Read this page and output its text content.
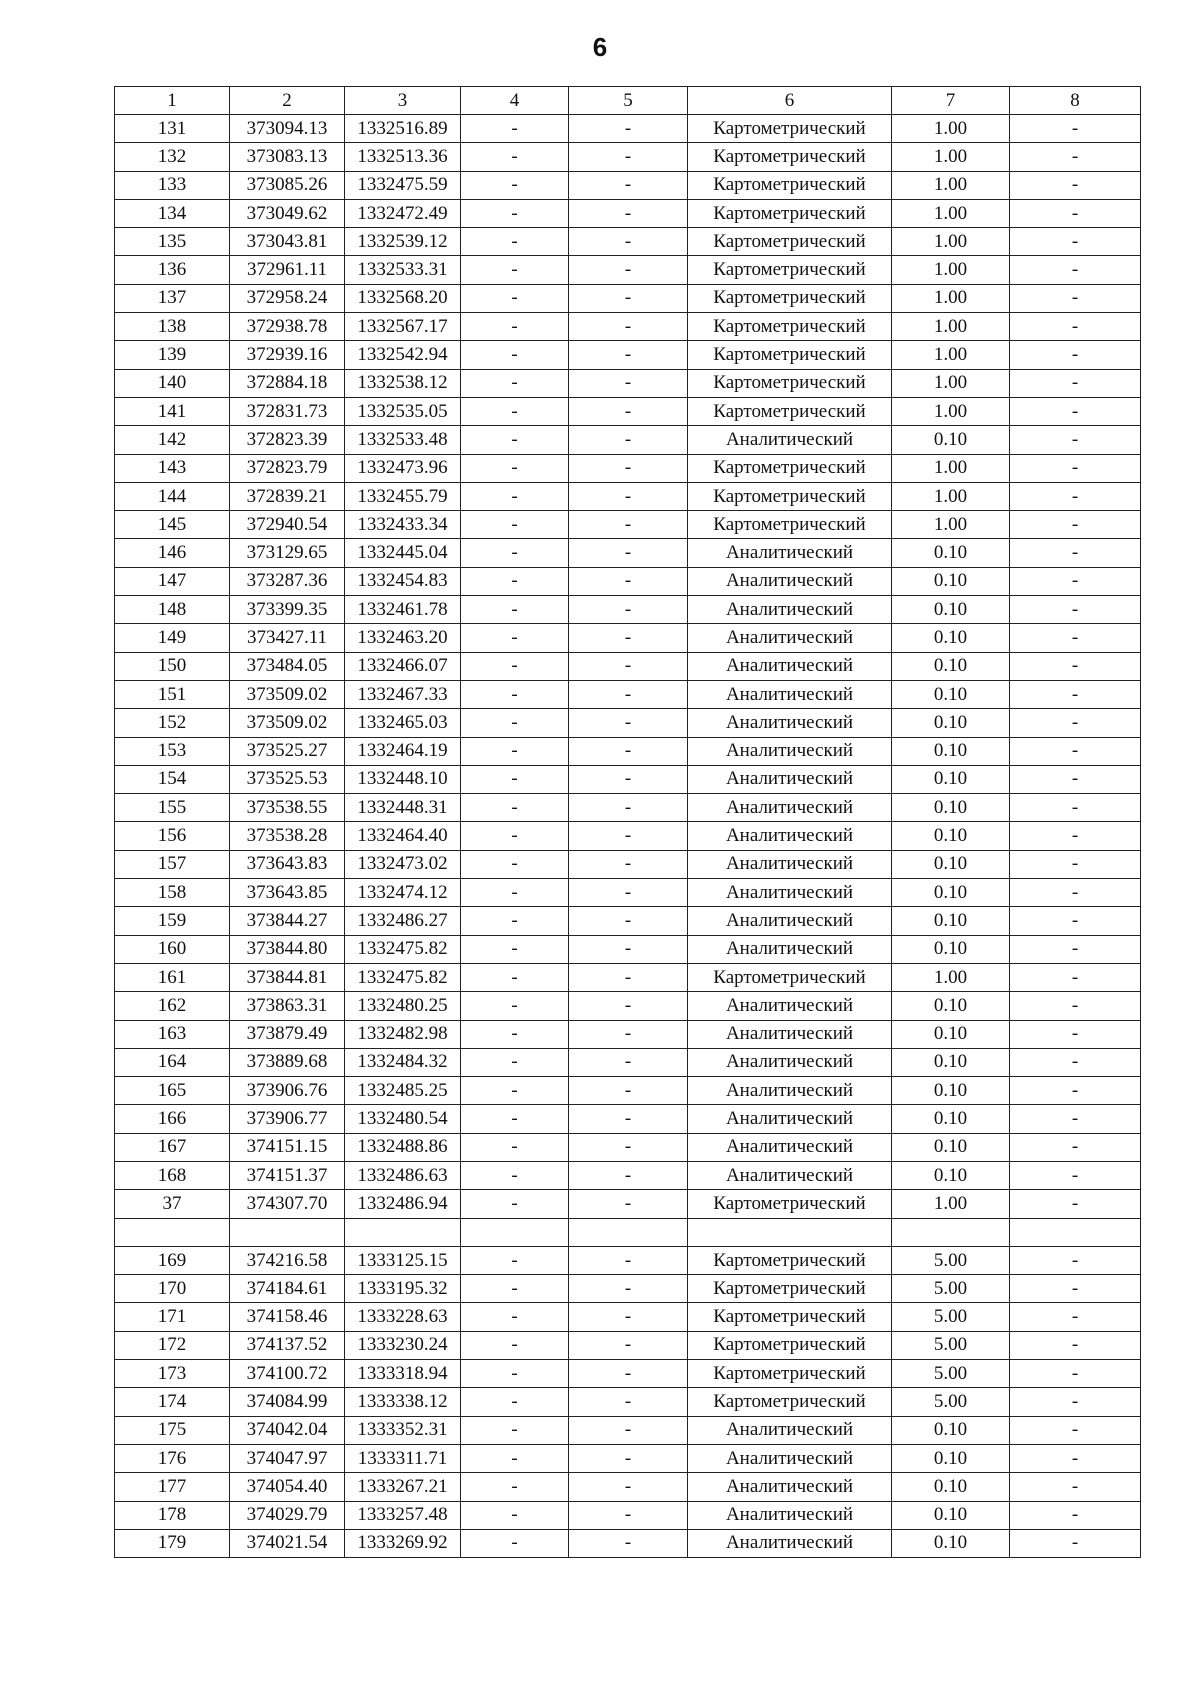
6
1	2	3	4	5	6	7	8
131	373094.13	1332516.89	-	-	Картометрический	1.00	-
132	373083.13	1332513.36	-	-	Картометрический	1.00	-
133	373085.26	1332475.59	-	-	Картометрический	1.00	-
134	373049.62	1332472.49	-	-	Картометрический	1.00	-
135	373043.81	1332539.12	-	-	Картометрический	1.00	-
136	372961.11	1332533.31	-	-	Картометрический	1.00	-
137	372958.24	1332568.20	-	-	Картометрический	1.00	-
138	372938.78	1332567.17	-	-	Картометрический	1.00	-
139	372939.16	1332542.94	-	-	Картометрический	1.00	-
140	372884.18	1332538.12	-	-	Картометрический	1.00	-
141	372831.73	1332535.05	-	-	Картометрический	1.00	-
142	372823.39	1332533.48	-	-	Аналитический	0.10	-
143	372823.79	1332473.96	-	-	Картометрический	1.00	-
144	372839.21	1332455.79	-	-	Картометрический	1.00	-
145	372940.54	1332433.34	-	-	Картометрический	1.00	-
146	373129.65	1332445.04	-	-	Аналитический	0.10	-
147	373287.36	1332454.83	-	-	Аналитический	0.10	-
148	373399.35	1332461.78	-	-	Аналитический	0.10	-
149	373427.11	1332463.20	-	-	Аналитический	0.10	-
150	373484.05	1332466.07	-	-	Аналитический	0.10	-
151	373509.02	1332467.33	-	-	Аналитический	0.10	-
152	373509.02	1332465.03	-	-	Аналитический	0.10	-
153	373525.27	1332464.19	-	-	Аналитический	0.10	-
154	373525.53	1332448.10	-	-	Аналитический	0.10	-
155	373538.55	1332448.31	-	-	Аналитический	0.10	-
156	373538.28	1332464.40	-	-	Аналитический	0.10	-
157	373643.83	1332473.02	-	-	Аналитический	0.10	-
158	373643.85	1332474.12	-	-	Аналитический	0.10	-
159	373844.27	1332486.27	-	-	Аналитический	0.10	-
160	373844.80	1332475.82	-	-	Аналитический	0.10	-
161	373844.81	1332475.82	-	-	Картометрический	1.00	-
162	373863.31	1332480.25	-	-	Аналитический	0.10	-
163	373879.49	1332482.98	-	-	Аналитический	0.10	-
164	373889.68	1332484.32	-	-	Аналитический	0.10	-
165	373906.76	1332485.25	-	-	Аналитический	0.10	-
166	373906.77	1332480.54	-	-	Аналитический	0.10	-
167	374151.15	1332488.86	-	-	Аналитический	0.10	-
168	374151.37	1332486.63	-	-	Аналитический	0.10	-
37	374307.70	1332486.94	-	-	Картометрический	1.00	-

169	374216.58	1333125.15	-	-	Картометрический	5.00	-
170	374184.61	1333195.32	-	-	Картометрический	5.00	-
171	374158.46	1333228.63	-	-	Картометрический	5.00	-
172	374137.52	1333230.24	-	-	Картометрический	5.00	-
173	374100.72	1333318.94	-	-	Картометрический	5.00	-
174	374084.99	1333338.12	-	-	Картометрический	5.00	-
175	374042.04	1333352.31	-	-	Аналитический	0.10	-
176	374047.97	1333311.71	-	-	Аналитический	0.10	-
177	374054.40	1333267.21	-	-	Аналитический	0.10	-
178	374029.79	1333257.48	-	-	Аналитический	0.10	-
179	374021.54	1333269.92	-	-	Аналитический	0.10	-
